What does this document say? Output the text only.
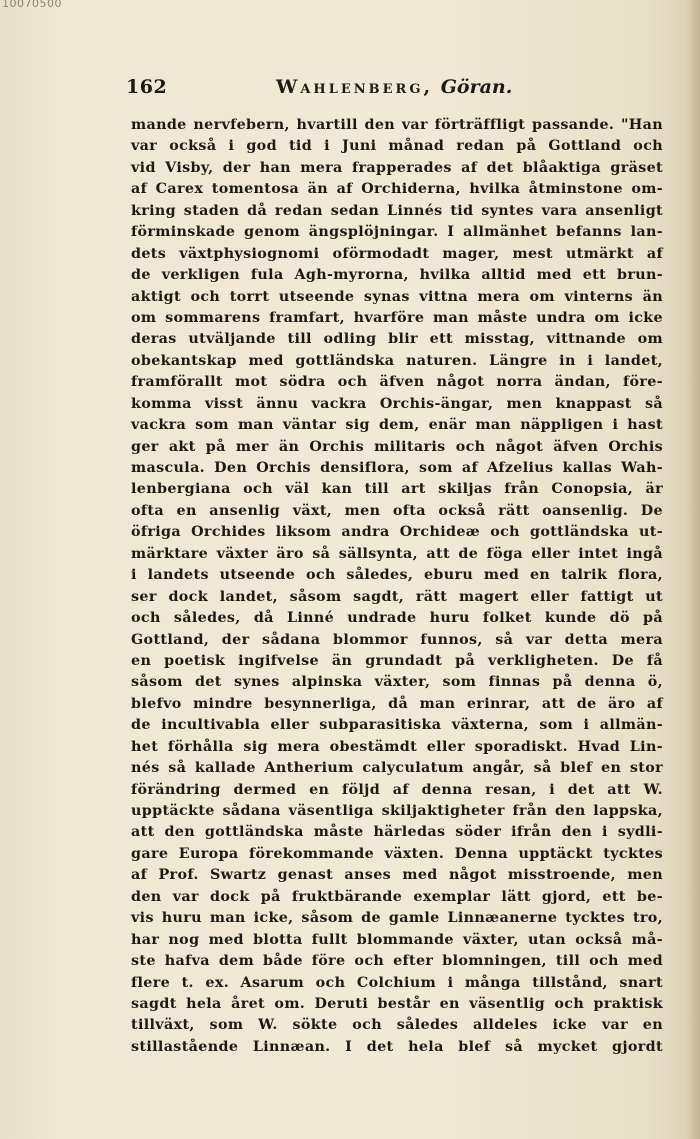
10070500
162	Wahlenberg, Göran.
mande nervfebern, hvartill den var förträffligt passande. "Han
var också i god tid i Juni månad redan på Gottland och
vid Visby, der han mera frapperades af det blåaktiga gräset
af Carex tomentosa än af Orchiderna, hvilka åtminstone om-
kring staden då redan sedan Linnés tid syntes vara ansenligt
förminskade genom ängsplöjningar. I allmänhet befanns lan-
dets växtphysiognomi oförmodadt mager, mest utmärkt af
de verkligen fula Agh-myrorna, hvilka alltid med ett brun-
aktigt och torrt utseende synas vittna mera om vinterns än
om sommarens framfart, hvarföre man måste undra om icke
deras utväljande till odling blir ett misstag, vittnande om
obekantskap med gottländska naturen. Längre in i landet,
framförallt mot södra och äfven något norra ändan, före-
komma visst ännu vackra Orchis-ängar, men knappast så
vackra som man väntar sig dem, enär man näppligen i hast
ger akt på mer än Orchis militaris och något äfven Orchis
mascula. Den Orchis densiflora, som af Afzelius kallas Wah-
lenbergiana och väl kan till art skiljas från Conopsia, är
ofta en ansenlig växt, men ofta också rätt oansenlig. De
öfriga Orchides liksom andra Orchideæ och gottländska ut-
märktare växter äro så sällsynta, att de föga eller intet ingå
i landets utseende och således, eburu med en talrik flora,
ser dock landet, såsom sagdt, rätt magert eller fattigt ut
och således, då Linné undrade huru folket kunde dö på
Gottland, der sådana blommor funnos, så var detta mera
en poetisk ingifvelse än grundadt på verkligheten. De få
såsom det synes alpinska växter, som finnas på denna ö,
blefvo mindre besynnerliga, då man erinrar, att de äro af
de incultivabla eller subparasitiska växterna, som i allmän-
het förhålla sig mera obestämdt eller sporadiskt. Hvad Lin-
nés så kallade Antherium calyculatum angår, så blef en stor
förändring dermed en följd af denna resan, i det att W.
upptäckte sådana väsentliga skiljaktigheter från den lappska,
att den gottländska måste härledas söder ifrån den i sydli-
gare Europa förekommande växten. Denna upptäckt tycktes
af Prof. Swartz genast anses med något misstroende, men
den var dock på fruktbärande exemplar lätt gjord, ett be-
vis huru man icke, såsom de gamle Linnæanerne tycktes tro,
har nog med blotta fullt blommande växter, utan också må-
ste hafva dem både före och efter blomningen, till och med
flere t. ex. Asarum och Colchium i många tillstånd, snart
sagdt hela året om. Deruti består en väsentlig och praktisk
tillväxt, som W. sökte och således alldeles icke var en
stillastående Linnæan. I det hela blef så mycket gjordt
